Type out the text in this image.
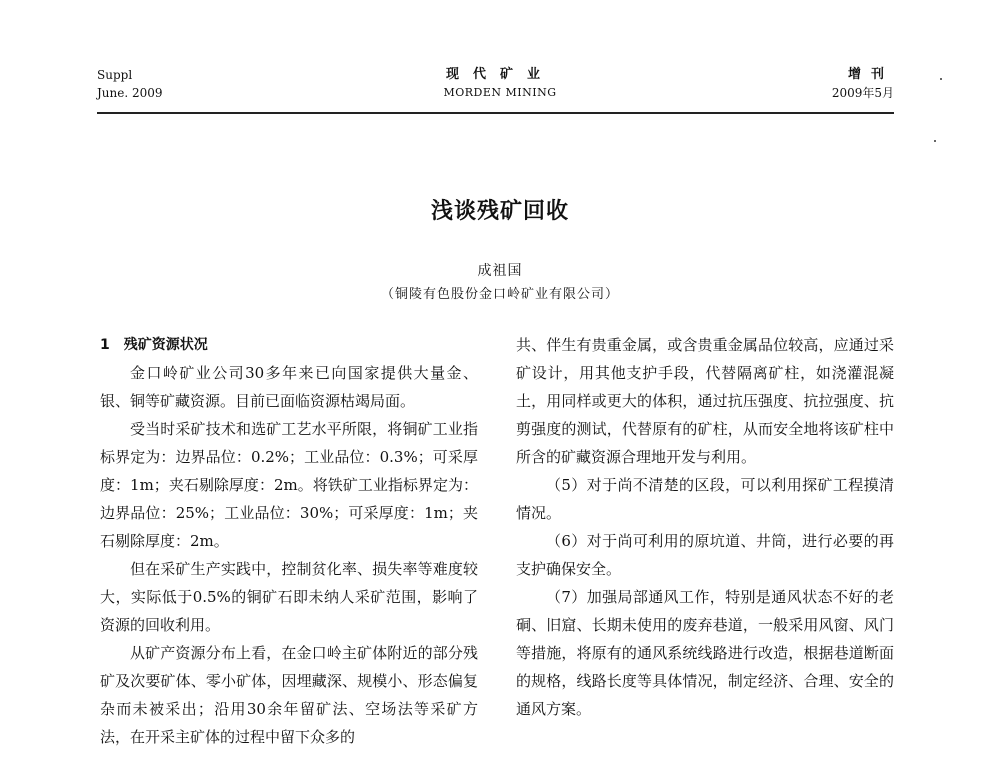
Suppl
June. 2009
现代矿业
MORDEN MINING
增刊
2009年5月
浅谈残矿回收
成祖国
（铜陵有色股份金口岭矿业有限公司）
1　残矿资源状况

金口岭矿业公司30多年来已向国家提供大量金、银、铜等矿藏资源。目前已面临资源枯竭局面。

受当时采矿技术和选矿工艺水平所限，将铜矿工业指标界定为：边界品位：0.2%；工业品位：0.3%；可采厚度：1m；夹石剔除厚度：2m。将铁矿工业指标界定为：边界品位：25%；工业品位：30%；可采厚度：1m；夹石剔除厚度：2m。

但在采矿生产实践中，控制贫化率、损失率等难度较大，实际低于0.5%的铜矿石即未纳人采矿范围，影响了资源的回收利用。

从矿产资源分布上看，在金口岭主矿体附近的部分残矿及次要矿体、零小矿体，因埋藏深、规模小、形态偏复杂而未被采出；沿用30余年留矿法、空场法等采矿方法，在开采主矿体的过程中留下众多的

共、伴生有贵重金属，或含贵重金属品位较高，应通过采矿设计，用其他支护手段，代替隔离矿柱，如浇灌混凝土，用同样或更大的体积，通过抗压强度、抗拉强度、抗剪强度的测试，代替原有的矿柱，从而安全地将该矿柱中所含的矿藏资源合理地开发与利用。

（5）对于尚不清楚的区段，可以利用探矿工程摸清情况。

（6）对于尚可利用的原坑道、井筒，进行必要的再支护确保安全。

（7）加强局部通风工作，特别是通风状态不好的老硐、旧窟、长期未使用的废弃巷道，一般采用风窗、风门等措施，将原有的通风系统线路进行改造，根据巷道断面的规格，线路长度等具体情况，制定经济、合理、安全的通风方案。
